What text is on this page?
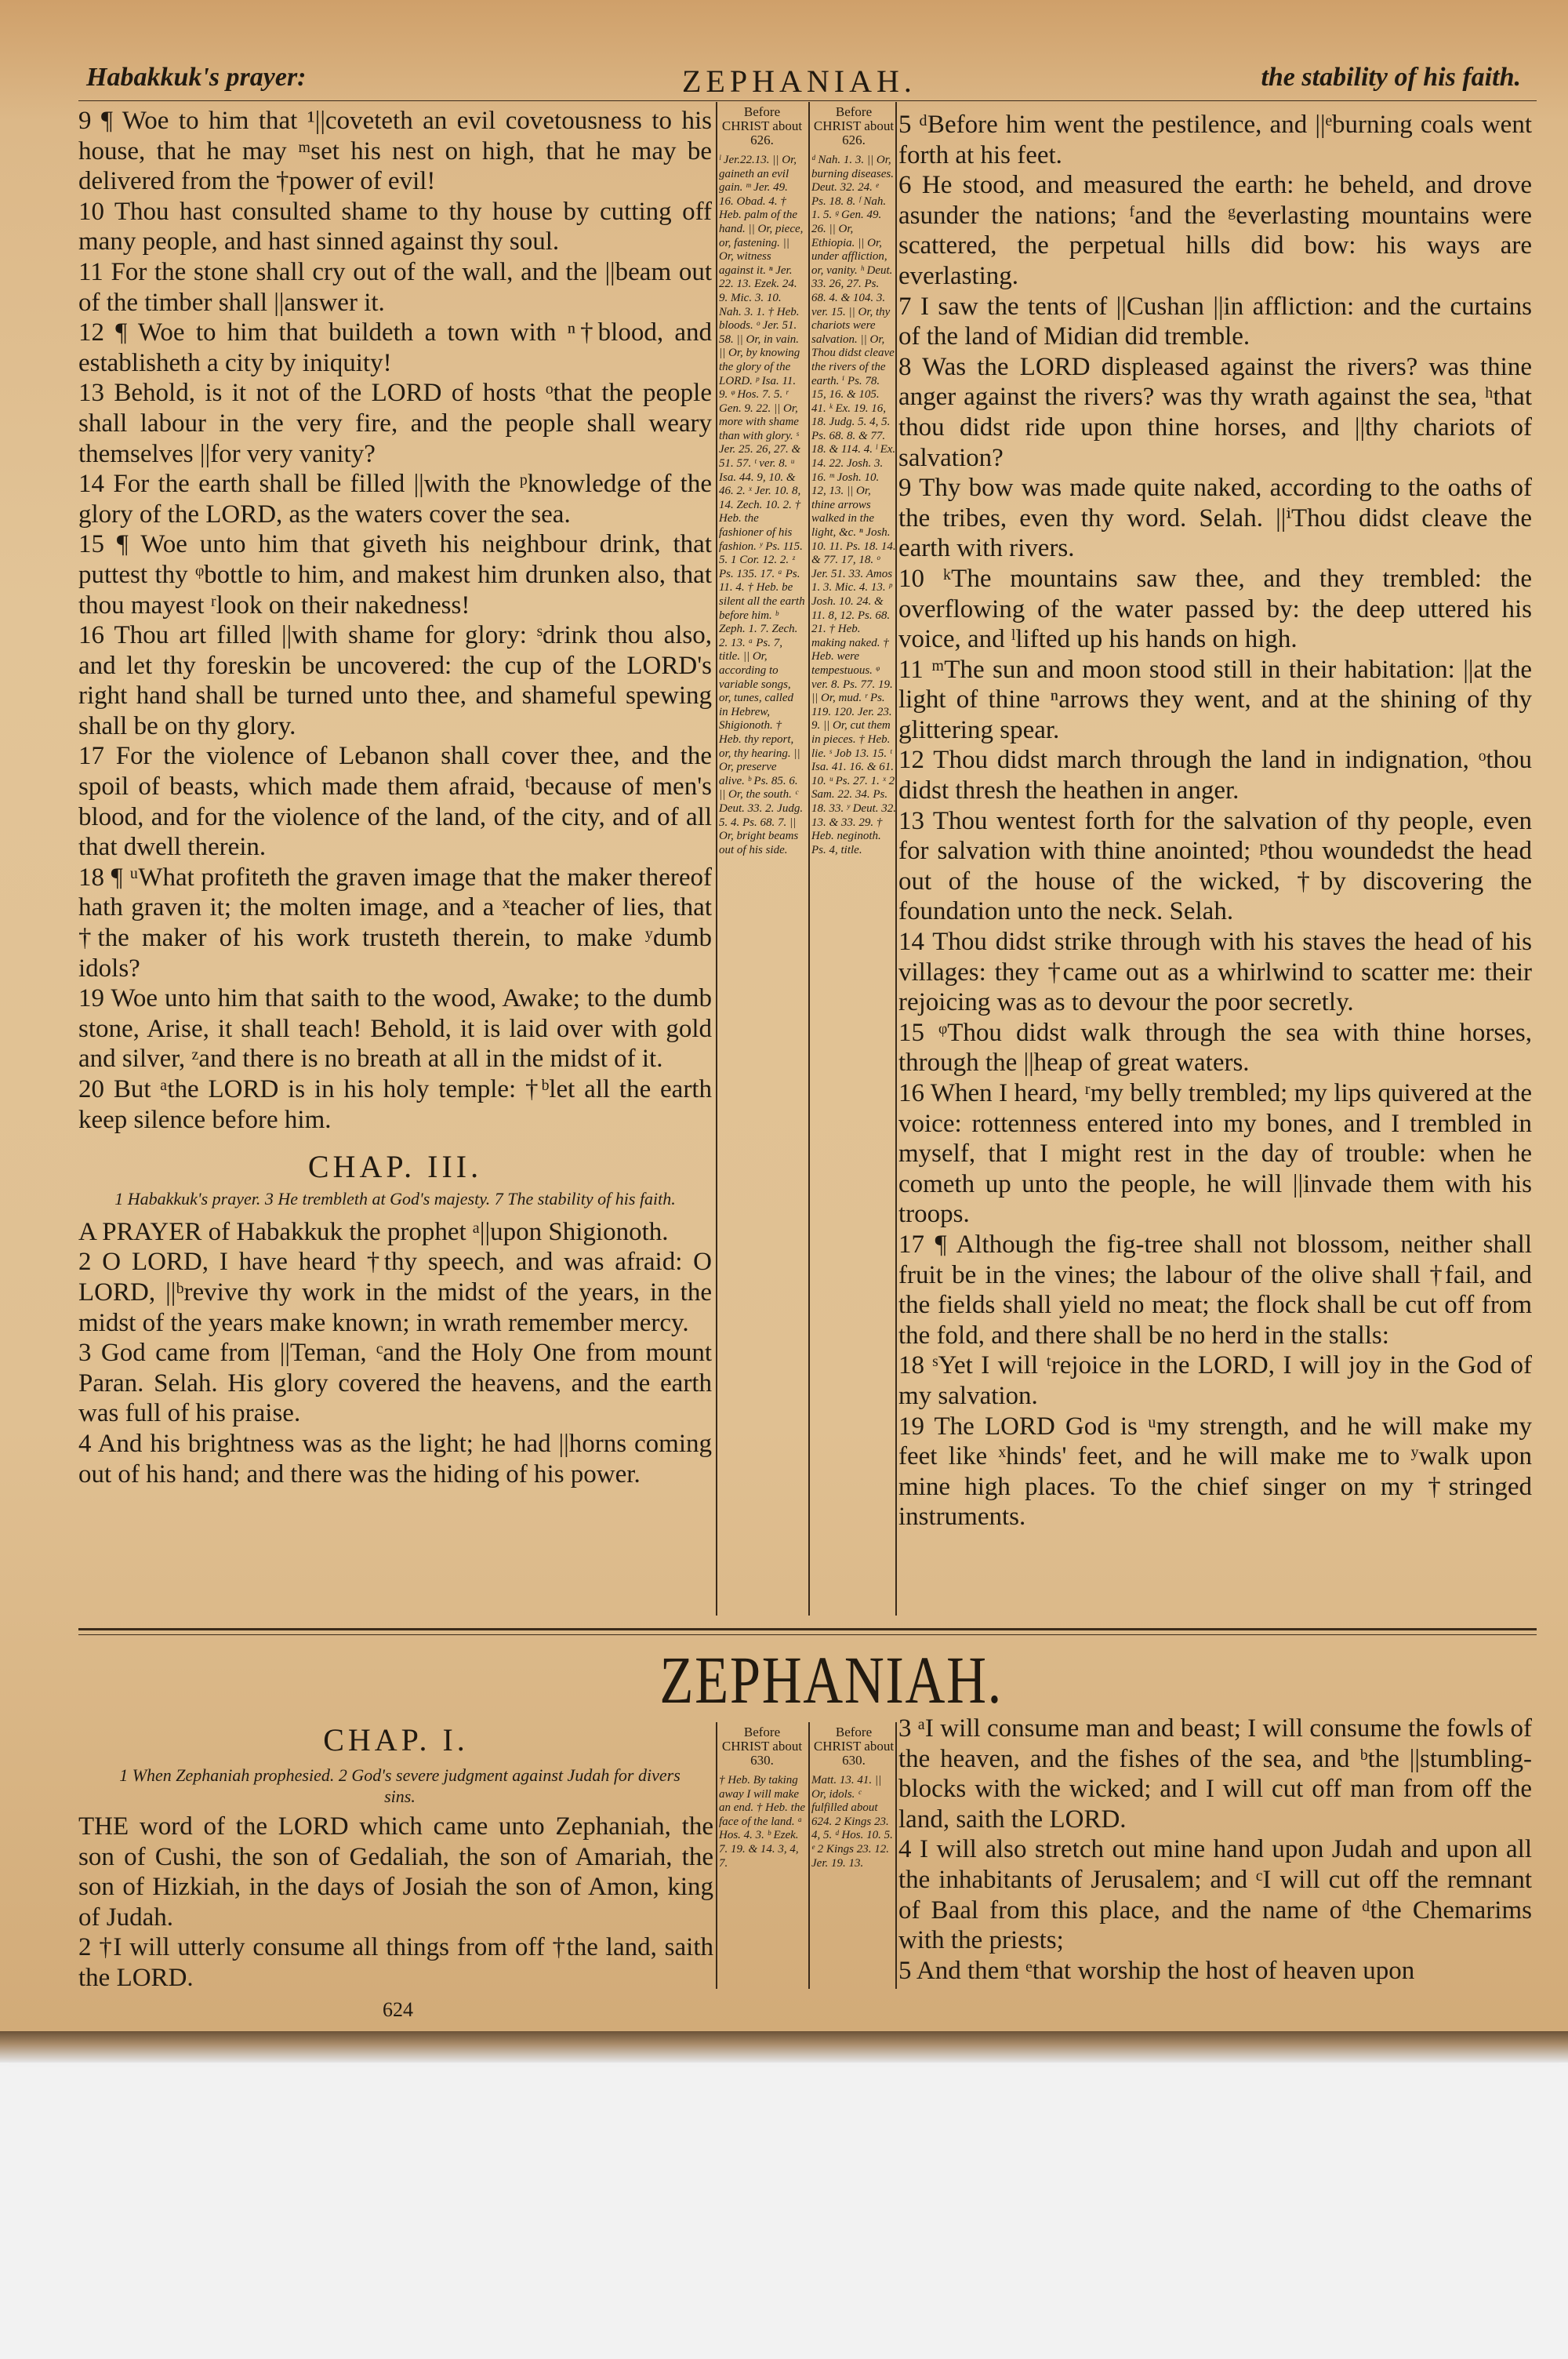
Habakkuk's prayer:	ZEPHANIAH.	the stability of his faith.

9 ¶ Woe to him that ¹||coveteth an evil covetousness to his house, that he may ᵐset his nest on high, that he may be delivered from the †power of evil!

10 Thou hast consulted shame to thy house by cutting off many people, and hast sinned against thy soul.

11 For the stone shall cry out of the wall, and the ||beam out of the timber shall ||answer it.

12 ¶ Woe to him that buildeth a town with ⁿ†blood, and establisheth a city by iniquity!

13 Behold, is it not of the LORD of hosts ᵒthat the people shall labour in the very fire, and the people shall weary themselves ||for very vanity?

14 For the earth shall be filled ||with the ᵖknowledge of the glory of the LORD, as the waters cover the sea.

15 ¶ Woe unto him that giveth his neighbour drink, that puttest thy ᵠbottle to him, and makest him drunken also, that thou mayest ʳlook on their nakedness!

16 Thou art filled ||with shame for glory: ˢdrink thou also, and let thy foreskin be uncovered: the cup of the LORD's right hand shall be turned unto thee, and shameful spewing shall be on thy glory.

17 For the violence of Lebanon shall cover thee, and the spoil of beasts, which made them afraid, ᵗbecause of men's blood, and for the violence of the land, of the city, and of all that dwell therein.

18 ¶ ᵘWhat profiteth the graven image that the maker thereof hath graven it; the molten image, and a ˣteacher of lies, that †the maker of his work trusteth therein, to make ʸdumb idols?

19 Woe unto him that saith to the wood, Awake; to the dumb stone, Arise, it shall teach! Behold, it is laid over with gold and silver, ᶻand there is no breath at all in the midst of it.

20 But ᵃthe LORD is in his holy temple: †ᵇlet all the earth keep silence before him.

CHAP. III.
1 Habakkuk's prayer. 3 He trembleth at God's majesty. 7 The stability of his faith.

A PRAYER of Habakkuk the prophet ᵃ||upon Shigionoth.

2 O LORD, I have heard †thy speech, and was afraid: O LORD, ||ᵇrevive thy work in the midst of the years, in the midst of the years make known; in wrath remember mercy.

3 God came from ||Teman, ᶜand the Holy One from mount Paran. Selah. His glory covered the heavens, and the earth was full of his praise.

4 And his brightness was as the light; he had ||horns coming out of his hand; and there was the hiding of his power.

Before CHRIST about 626.

ˡ Jer.22.13. || Or, gaineth an evil gain. ᵐ Jer. 49. 16. Obad. 4. † Heb. palm of the hand. || Or, piece, or, fastening. || Or, witness against it. ⁿ Jer. 22. 13. Ezek. 24. 9. Mic. 3. 10. Nah. 3. 1. † Heb. bloods. ᵒ Jer. 51. 58. || Or, in vain. || Or, by knowing the glory of the LORD. ᵖ Isa. 11. 9. ᵠ Hos. 7. 5. ʳ Gen. 9. 22. || Or, more with shame than with glory. ˢ Jer. 25. 26, 27. & 51. 57. ᵗ ver. 8. ᵘ Isa. 44. 9, 10. & 46. 2. ˣ Jer. 10. 8, 14. Zech. 10. 2. † Heb. the fashioner of his fashion. ʸ Ps. 115. 5. 1 Cor. 12. 2. ᶻ Ps. 135. 17. ᵃ Ps. 11. 4. † Heb. be silent all the earth before him. ᵇ Zeph. 1. 7. Zech. 2. 13. ᵃ Ps. 7, title. || Or, according to variable songs, or, tunes, called in Hebrew, Shigionoth. † Heb. thy report, or, thy hearing. || Or, preserve alive. ᵇ Ps. 85. 6. || Or, the south. ᶜ Deut. 33. 2. Judg. 5. 4. Ps. 68. 7. || Or, bright beams out of his side.

Before CHRIST about 626.

ᵈ Nah. 1. 3. || Or, burning diseases. Deut. 32. 24. ᵉ Ps. 18. 8. ᶠ Nah. 1. 5. ᵍ Gen. 49. 26. || Or, Ethiopia. || Or, under affliction, or, vanity. ʰ Deut. 33. 26, 27. Ps. 68. 4. & 104. 3. ver. 15. || Or, thy chariots were salvation. || Or, Thou didst cleave the rivers of the earth. ⁱ Ps. 78. 15, 16. & 105. 41. ᵏ Ex. 19. 16, 18. Judg. 5. 4, 5. Ps. 68. 8. & 77. 18. & 114. 4. ˡ Ex. 14. 22. Josh. 3. 16. ᵐ Josh. 10. 12, 13. || Or, thine arrows walked in the light, &c. ⁿ Josh. 10. 11. Ps. 18. 14. & 77. 17, 18. ᵒ Jer. 51. 33. Amos 1. 3. Mic. 4. 13. ᵖ Josh. 10. 24. & 11. 8, 12. Ps. 68. 21. † Heb. making naked. † Heb. were tempestuous. ᵠ ver. 8. Ps. 77. 19. || Or, mud. ʳ Ps. 119. 120. Jer. 23. 9. || Or, cut them in pieces. † Heb. lie. ˢ Job 13. 15. ᵗ Isa. 41. 16. & 61. 10. ᵘ Ps. 27. 1. ˣ 2 Sam. 22. 34. Ps. 18. 33. ʸ Deut. 32. 13. & 33. 29. † Heb. neginoth. Ps. 4, title.

5 ᵈBefore him went the pestilence, and ||ᵉburning coals went forth at his feet.

6 He stood, and measured the earth: he beheld, and drove asunder the nations; ᶠand the ᵍeverlasting mountains were scattered, the perpetual hills did bow: his ways are everlasting.

7 I saw the tents of ||Cushan ||in affliction: and the curtains of the land of Midian did tremble.

8 Was the LORD displeased against the rivers? was thine anger against the rivers? was thy wrath against the sea, ʰthat thou didst ride upon thine horses, and ||thy chariots of salvation?

9 Thy bow was made quite naked, according to the oaths of the tribes, even thy word. Selah. ||ⁱThou didst cleave the earth with rivers.

10 ᵏThe mountains saw thee, and they trembled: the overflowing of the water passed by: the deep uttered his voice, and ˡlifted up his hands on high.

11 ᵐThe sun and moon stood still in their habitation: ||at the light of thine ⁿarrows they went, and at the shining of thy glittering spear.

12 Thou didst march through the land in indignation, ᵒthou didst thresh the heathen in anger.

13 Thou wentest forth for the salvation of thy people, even for salvation with thine anointed; ᵖthou woundedst the head out of the house of the wicked, †by discovering the foundation unto the neck. Selah.

14 Thou didst strike through with his staves the head of his villages: they †came out as a whirlwind to scatter me: their rejoicing was as to devour the poor secretly.

15 ᵠThou didst walk through the sea with thine horses, through the ||heap of great waters.

16 When I heard, ʳmy belly trembled; my lips quivered at the voice: rottenness entered into my bones, and I trembled in myself, that I might rest in the day of trouble: when he cometh up unto the people, he will ||invade them with his troops.

17 ¶ Although the fig-tree shall not blossom, neither shall fruit be in the vines; the labour of the olive shall †fail, and the fields shall yield no meat; the flock shall be cut off from the fold, and there shall be no herd in the stalls:

18 ˢYet I will ᵗrejoice in the LORD, I will joy in the God of my salvation.

19 The LORD God is ᵘmy strength, and he will make my feet like ˣhinds' feet, and he will make me to ʸwalk upon mine high places. To the chief singer on my †stringed instruments.

ZEPHANIAH.
CHAP. I.
1 When Zephaniah prophesied. 2 God's severe judgment against Judah for divers sins.

THE word of the LORD which came unto Zephaniah, the son of Cushi, the son of Gedaliah, the son of Amariah, the son of Hizkiah, in the days of Josiah the son of Amon, king of Judah.

2 †I will utterly consume all things from off †the land, saith the LORD.

Before CHRIST about 630.

† Heb. By taking away I will make an end. † Heb. the face of the land. ᵃ Hos. 4. 3. ᵇ Ezek. 7. 19. & 14. 3, 4, 7.

Before CHRIST about 630.

Matt. 13. 41. || Or, idols. ᶜ fulfilled about 624. 2 Kings 23. 4, 5. ᵈ Hos. 10. 5. ᵉ 2 Kings 23. 12. Jer. 19. 13.

3 ᵃI will consume man and beast; I will consume the fowls of the heaven, and the fishes of the sea, and ᵇthe ||stumbling-blocks with the wicked; and I will cut off man from off the land, saith the LORD.

4 I will also stretch out mine hand upon Judah and upon all the inhabitants of Jerusalem; and ᶜI will cut off the remnant of Baal from this place, and the name of ᵈthe Chemarims with the priests;

5 And them ᵉthat worship the host of heaven upon

624
